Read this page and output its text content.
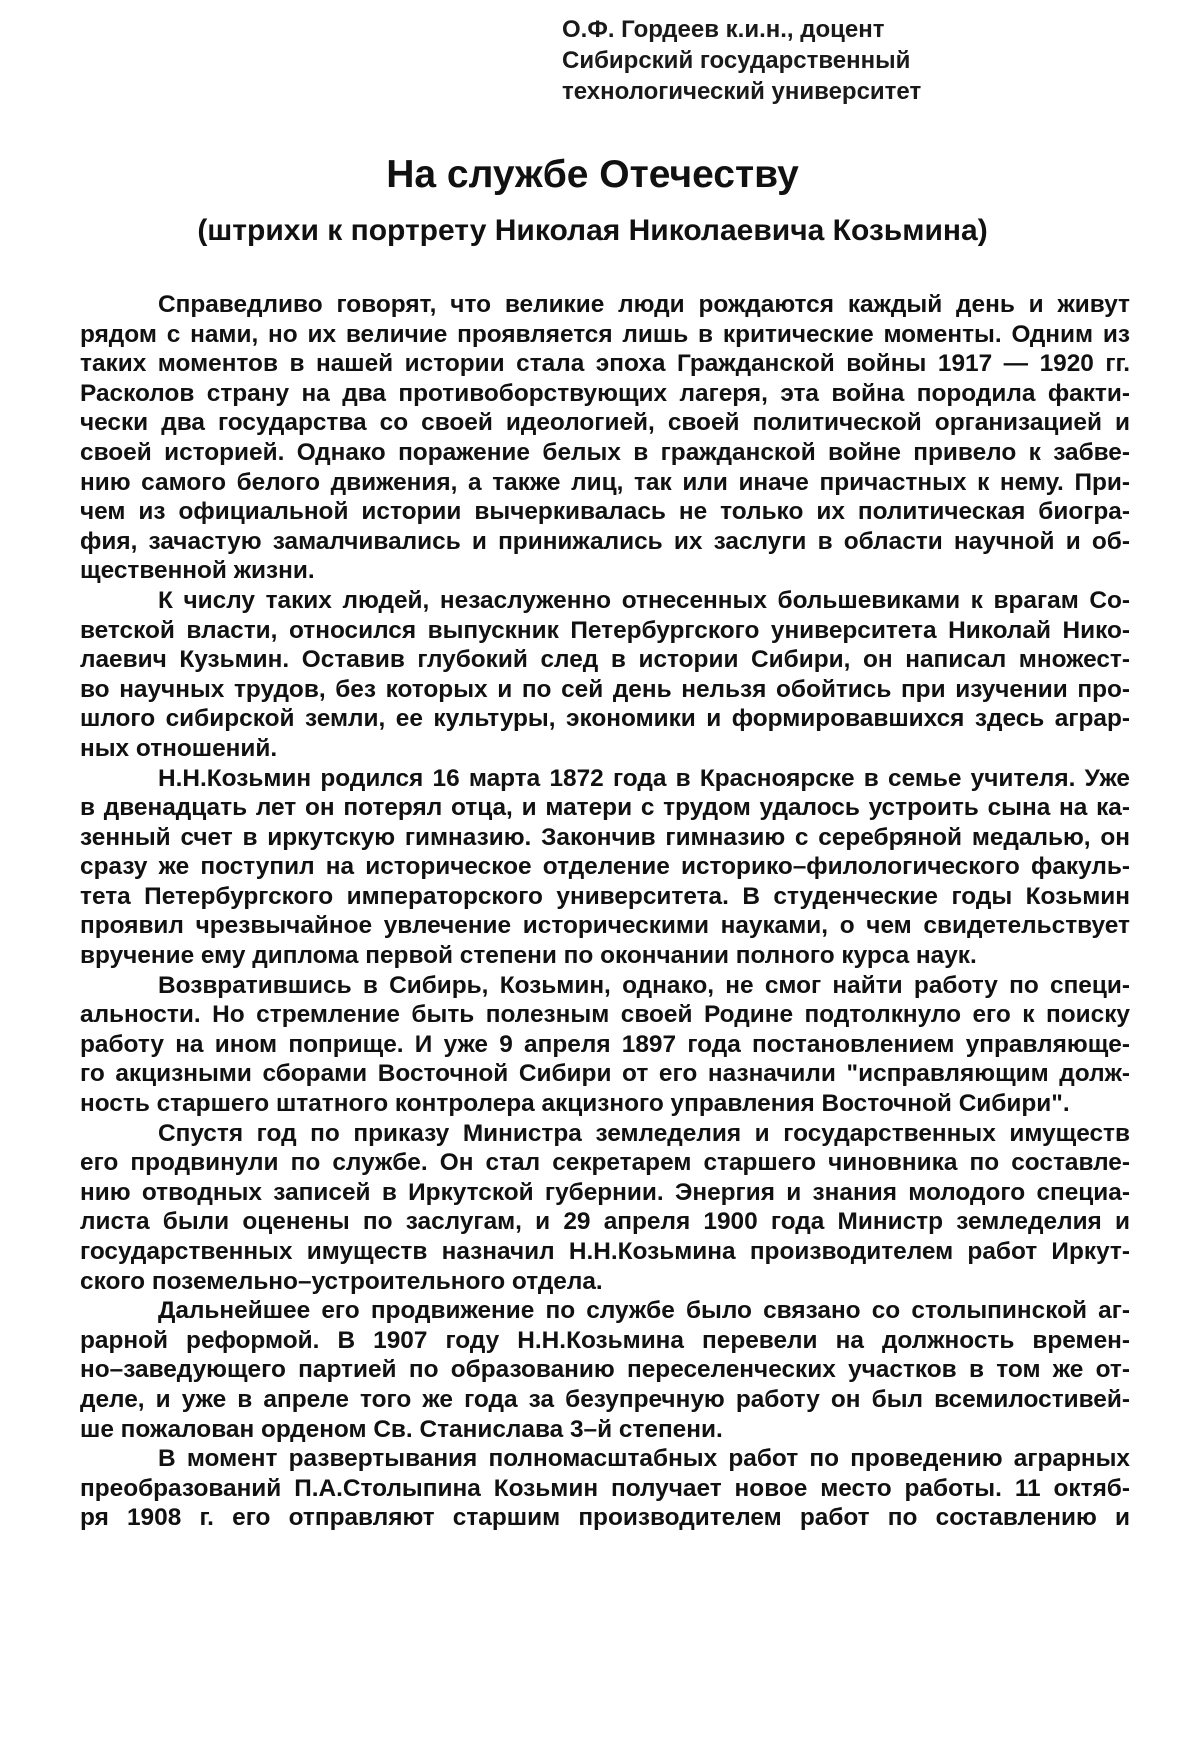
О.Ф. Гордеев к.и.н., доцент
Сибирский государственный
технологический университет
На службе Отечеству
(штрихи к портрету Николая Николаевича Козьмина)

Справедливо говорят, что великие люди рождаются каждый день и живут
рядом с нами, но их величие проявляется лишь в критические моменты. Одним из
таких моментов в нашей истории стала эпоха Гражданской войны 1917 — 1920 гг.
Расколов страну на два противоборствующих лагеря, эта война породила факти-
чески два государства со своей идеологией, своей политической организацией и
своей историей. Однако поражение белых в гражданской войне привело к забве-
нию самого белого движения, а также лиц, так или иначе причастных к нему. При-
чем из официальной истории вычеркивалась не только их политическая биогра-
фия, зачастую замалчивались и принижались их заслуги в области научной и об-
щественной жизни.

К числу таких людей, незаслуженно отнесенных большевиками к врагам Со-
ветской власти, относился выпускник Петербургского университета Николай Нико-
лаевич Кузьмин. Оставив глубокий след в истории Сибири, он написал множест-
во научных трудов, без которых и по сей день нельзя обойтись при изучении про-
шлого сибирской земли, ее культуры, экономики и формировавшихся здесь аграр-
ных отношений.

Н.Н.Козьмин родился 16 марта 1872 года в Красноярске в семье учителя. Уже
в двенадцать лет он потерял отца, и матери с трудом удалось устроить сына на ка-
зенный счет в иркутскую гимназию. Закончив гимназию с серебряной медалью, он
сразу же поступил на историческое отделение историко–филологического факуль-
тета Петербургского императорского университета. В студенческие годы Козьмин
проявил чрезвычайное увлечение историческими науками, о чем свидетельствует
вручение ему диплома первой степени по окончании полного курса наук.

Возвратившись в Сибирь, Козьмин, однако, не смог найти работу по специ-
альности. Но стремление быть полезным своей Родине подтолкнуло его к поиску
работу на ином поприще. И уже 9 апреля 1897 года постановлением управляюще-
го акцизными сборами Восточной Сибири от его назначили "исправляющим долж-
ность старшего штатного контролера акцизного управления Восточной Сибири".

Спустя год по приказу Министра земледелия и государственных имуществ
его продвинули по службе. Он стал секретарем старшего чиновника по составле-
нию отводных записей в Иркутской губернии. Энергия и знания молодого специа-
листа были оценены по заслугам, и 29 апреля 1900 года Министр земледелия и
государственных имуществ назначил Н.Н.Козьмина производителем работ Иркут-
ского поземельно–устроительного отдела.

Дальнейшее его продвижение по службе было связано со столыпинской аг-
рарной реформой. В 1907 году Н.Н.Козьмина перевели на должность времен-
но–заведующего партией по образованию переселенческих участков в том же от-
деле, и уже в апреле того же года за безупречную работу он был всемилостивей-
ше пожалован орденом Св. Станислава 3–й степени.

В момент развертывания полномасштабных работ по проведению аграрных
преобразований П.А.Столыпина Козьмин получает новое место работы. 11 октяб-
ря 1908 г. его отправляют старшим производителем работ по составлению и
